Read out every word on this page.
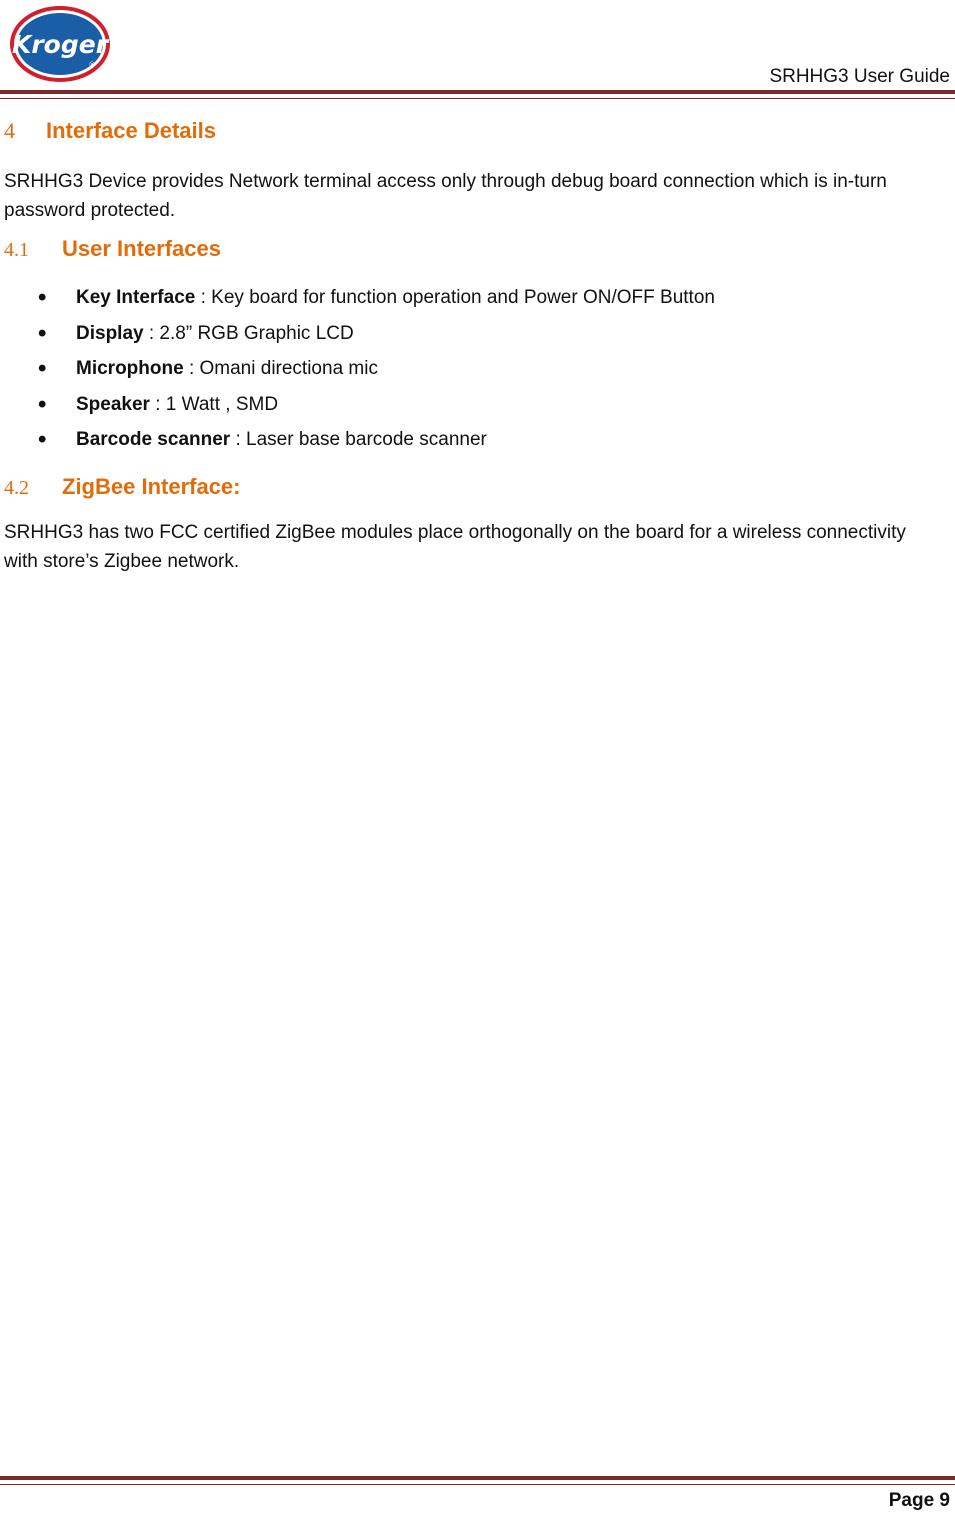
Kroger
®
SRHHG3 User Guide
4 Interface Details
SRHHG3 Device provides Network terminal access only through debug board connection which is in-turn password protected.
4.1 User Interfaces
• Key Interface : Key board for function operation and Power ON/OFF Button
• Display : 2.8” RGB Graphic LCD
• Microphone : Omani directiona mic
• Speaker : 1 Watt , SMD
• Barcode scanner : Laser base barcode scanner
4.2 ZigBee Interface:
SRHHG3 has two FCC certified ZigBee modules place orthogonally on the board for a wireless connectivity with store’s Zigbee network.
Page 9
